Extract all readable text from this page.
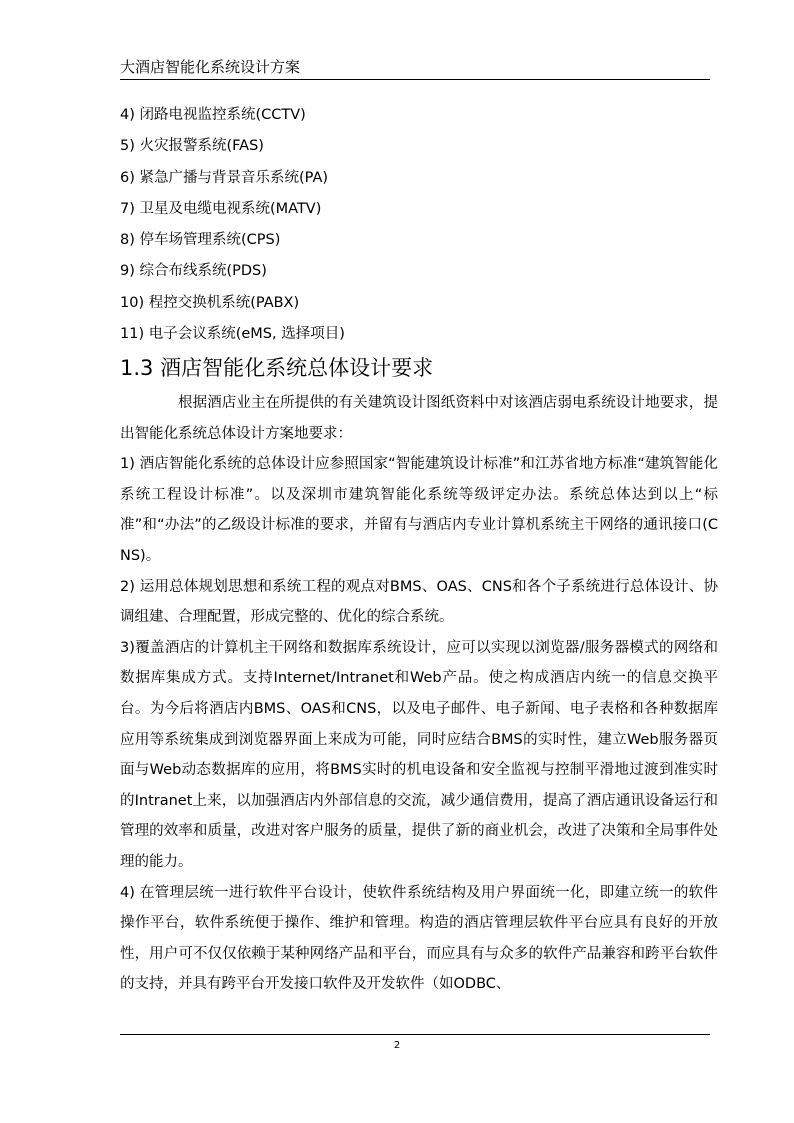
大酒店智能化系统设计方案
4) 闭路电视监控系统(CCTV)
5) 火灾报警系统(FAS)
6) 紧急广播与背景音乐系统(PA)
7) 卫星及电缆电视系统(MATV)
8) 停车场管理系统(CPS)
9) 综合布线系统(PDS)
10) 程控交换机系统(PABX)
11) 电子会议系统(eMS, 选择项目)
1.3 酒店智能化系统总体设计要求

根据酒店业主在所提供的有关建筑设计图纸资料中对该酒店弱电系统设计地要求，提出智能化系统总体设计方案地要求：

1) 酒店智能化系统的总体设计应参照国家“智能建筑设计标准”和江苏省地方标准“建筑智能化系统工程设计标准”。以及深圳市建筑智能化系统等级评定办法。系统总体达到以上“标准”和“办法”的乙级设计标准的要求，并留有与酒店内专业计算机系统主干网络的通讯接口(CNS)。

2) 运用总体规划思想和系统工程的观点对BMS、OAS、CNS和各个子系统进行总体设计、协调组建、合理配置，形成完整的、优化的综合系统。

3)覆盖酒店的计算机主干网络和数据库系统设计，应可以实现以浏览器/服务器模式的网络和数据库集成方式。支持Internet/Intranet和Web产品。使之构成酒店内统一的信息交换平台。为今后将酒店内BMS、OAS和CNS，以及电子邮件、电子新闻、电子表格和各种数据库应用等系统集成到浏览器界面上来成为可能，同时应结合BMS的实时性，建立Web服务器页面与Web动态数据库的应用，将BMS实时的机电设备和安全监视与控制平滑地过渡到准实时的Intranet上来，以加强酒店内外部信息的交流，减少通信费用，提高了酒店通讯设备运行和管理的效率和质量，改进对客户服务的质量，提供了新的商业机会，改进了决策和全局事件处理的能力。

4) 在管理层统一进行软件平台设计，使软件系统结构及用户界面统一化，即建立统一的软件操作平台，软件系统便于操作、维护和管理。构造的酒店管理层软件平台应具有良好的开放性，用户可不仅仅依赖于某种网络产品和平台，而应具有与众多的软件产品兼容和跨平台软件的支持，并具有跨平台开发接口软件及开发软件（如ODBC、

2
